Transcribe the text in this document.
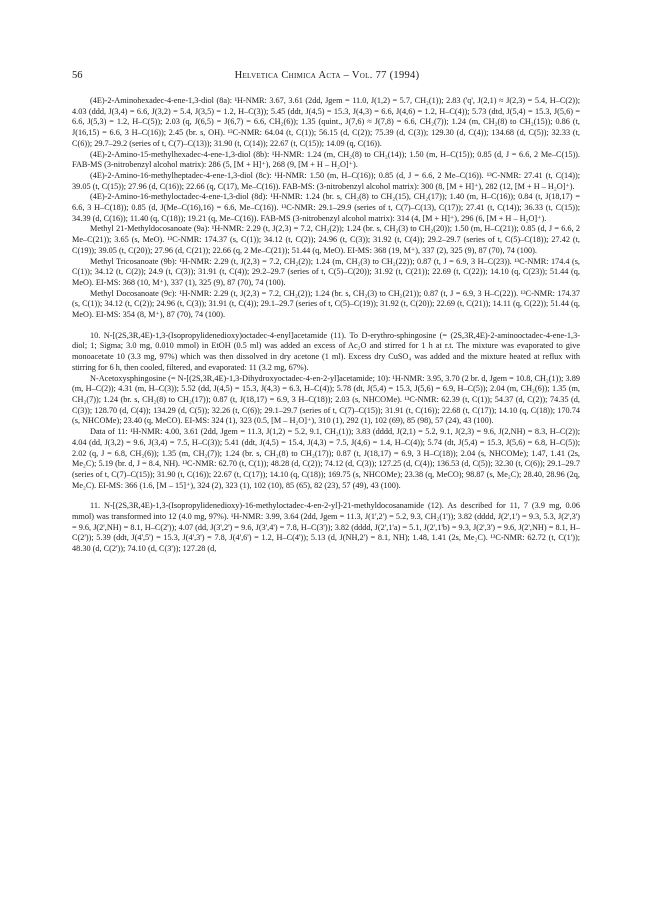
56	Helvetica Chimica Acta – Vol. 77 (1994)

(4E)-2-Aminohexadec-4-ene-1,3-diol (8a): ¹H-NMR: 3.67, 3.61 (2dd, Jgem = 11.0, J(1,2) = 5.7, CH₂(1)); 2.83 ('q', J(2,1) ≈ J(2,3) = 5.4, H–C(2)); 4.03 (ddd, J(3,4) = 6.6, J(3,2) = 5.4, J(3,5) = 1.2, H–C(3)); 5.45 (ddt, J(4,5) = 15.3, J(4,3) = 6.6, J(4,6) = 1.2, H–C(4)); 5.73 (dtd, J(5,4) = 15.3, J(5,6) = 6.6, J(5,3) = 1.2, H–C(5)); 2.03 (q, J(6,5) = J(6,7) = 6.6, CH₂(6)); 1.35 (quint., J(7,6) ≈ J(7,8) = 6.6, CH₂(7)); 1.24 (m, CH₂(8) to CH₂(15)); 0.86 (t, J(16,15) = 6.6, 3 H–C(16)); 2.45 (br. s, OH). ¹³C-NMR: 64.04 (t, C(1)); 56.15 (d, C(2)); 75.39 (d, C(3)); 129.30 (d, C(4)); 134.68 (d, C(5)); 32.33 (t, C(6)); 29.7–29.2 (series of t, C(7)–C(13)); 31.90 (t, C(14)); 22.67 (t, C(15)); 14.09 (q, C(16)).

(4E)-2-Amino-15-methylhexadec-4-ene-1,3-diol (8b): ¹H-NMR: 1.24 (m, CH₂(8) to CH₂(14)); 1.50 (m, H–C(15)); 0.85 (d, J = 6.6, 2 Me–C(15)). FAB-MS (3-nitrobenzyl alcohol matrix): 286 (5, [M + H]⁺), 268 (9, [M + H – H₂O]⁺).

(4E)-2-Amino-16-methylheptadec-4-ene-1,3-diol (8c): ¹H-NMR: 1.50 (m, H–C(16)); 0.85 (d, J = 6.6, 2 Me–C(16)). ¹³C-NMR: 27.41 (t, C(14)); 39.05 (t, C(15)); 27.96 (d, C(16)); 22.66 (q, C(17), Me–C(16)). FAB-MS: (3-nitrobenzyl alcohol matrix): 300 (8, [M + H]⁺), 282 (12, [M + H – H₂O]⁺).

(4E)-2-Amino-16-methyloctadec-4-ene-1,3-diol (8d): ¹H-NMR: 1.24 (br. s, CH₂(8) to CH₂(15), CH₂(17)); 1.40 (m, H–C(16)); 0.84 (t, J(18,17) = 6.6, 3 H–C(18)); 0.85 (d, J(Me–C(16),16) = 6.6, Me–C(16)). ¹³C-NMR: 29.1–29.9 (series of t, C(7)–C(13), C(17)); 27.41 (t, C(14)); 36.33 (t, C(15)); 34.39 (d, C(16)); 11.40 (q, C(18)); 19.21 (q, Me–C(16)). FAB-MS (3-nitrobenzyl alcohol matrix): 314 (4, [M + H]⁺), 296 (6, [M + H – H₂O]⁺).

Methyl 21-Methyldocosanoate (9a): ¹H-NMR: 2.29 (t, J(2,3) = 7.2, CH₂(2)); 1.24 (br. s, CH₂(3) to CH₂(20)); 1.50 (m, H–C(21)); 0.85 (d, J = 6.6, 2 Me–C(21)); 3.65 (s, MeO). ¹³C-NMR: 174.37 (s, C(1)); 34.12 (t, C(2)); 24.96 (t, C(3)); 31.92 (t, C(4)); 29.2–29.7 (series of t, C(5)–C(18)); 27.42 (t, C(19)); 39.05 (t, C(20)); 27.96 (d, C(21)); 22.66 (q, 2 Me–C(21)); 51.44 (q, MeO). EI-MS: 368 (19, M⁺), 337 (2), 325 (9), 87 (70), 74 (100).

Methyl Tricosanoate (9b): ¹H-NMR: 2.29 (t, J(2,3) = 7.2, CH₂(2)); 1.24 (m, CH₂(3) to CH₂(22)); 0.87 (t, J = 6.9, 3 H–C(23)). ¹³C-NMR: 174.4 (s, C(1)); 34.12 (t, C(2)); 24.9 (t, C(3)); 31.91 (t, C(4)); 29.2–29.7 (series of t, C(5)–C(20)); 31.92 (t, C(21)); 22.69 (t, C(22)); 14.10 (q, C(23)); 51.44 (q, MeO). EI-MS: 368 (10, M⁺), 337 (1), 325 (9), 87 (70), 74 (100).

Methyl Docosanoate (9c): ¹H-NMR: 2.29 (t, J(2,3) = 7.2, CH₂(2)); 1.24 (br. s, CH₂(3) to CH₂(21)); 0.87 (t, J = 6.9, 3 H–C(22)). ¹³C-NMR: 174.37 (s, C(1)); 34.12 (t, C(2)); 24.96 (t, C(3)); 31.91 (t, C(4)); 29.1–29.7 (series of t, C(5)–C(19)); 31.92 (t, C(20)); 22.69 (t, C(21)); 14.11 (q, C(22)); 51.44 (q, MeO). EI-MS: 354 (8, M⁺), 87 (70), 74 (100).

10. N-[(2S,3R,4E)-1,3-(Isopropylidenedioxy)octadec-4-enyl]acetamide (11). To D-erythro-sphingosine (= (2S,3R,4E)-2-aminooctadec-4-ene-1,3-diol; 1; Sigma; 3.0 mg, 0.010 mmol) in EtOH (0.5 ml) was added an excess of Ac₂O and stirred for 1 h at r.t. The mixture was evaporated to give monoacetate 10 (3.3 mg, 97%) which was then dissolved in dry acetone (1 ml). Excess dry CuSO₄ was added and the mixture heated at reflux with stirring for 6 h, then cooled, filtered, and evaporated: 11 (3.2 mg, 67%).

N-Acetoxysphingosine (= N-[(2S,3R,4E)-1,3-Dihydroxyoctadec-4-en-2-yl]acetamide; 10): ¹H-NMR: 3.95, 3.70 (2 br. d, Jgem = 10.8, CH₂(1)); 3.89 (m, H–C(2)); 4.31 (m, H–C(3)); 5.52 (dd, J(4,5) = 15.3, J(4,3) = 6.3, H–C(4)); 5.78 (dt, J(5,4) = 15.3, J(5,6) = 6.9, H–C(5)); 2.04 (m, CH₂(6)); 1.35 (m, CH₂(7)); 1.24 (br. s, CH₂(8) to CH₂(17)); 0.87 (t, J(18,17) = 6.9, 3 H–C(18)); 2.03 (s, NHCOMe). ¹³C-NMR: 62.39 (t, C(1)); 54.37 (d, C(2)); 74.35 (d, C(3)); 128.70 (d, C(4)); 134.29 (d, C(5)); 32.26 (t, C(6)); 29.1–29.7 (series of t, C(7)–C(15)); 31.91 (t, C(16)); 22.68 (t, C(17)); 14.10 (q, C(18)); 170.74 (s, NHCOMe); 23.40 (q, MeCO). EI-MS: 324 (1), 323 (0.5, [M – H₂O]⁺), 310 (1), 292 (1), 102 (69), 85 (98), 57 (24), 43 (100).

Data of 11: ¹H-NMR: 4.00, 3.61 (2dd, Jgem = 11.3, J(1,2) = 5.2, 9.1, CH₂(1)); 3.83 (dddd, J(2,1) = 5.2, 9.1, J(2,3) = 9.6, J(2,NH) = 8.3, H–C(2)); 4.04 (dd, J(3,2) = 9.6, J(3,4) = 7.5, H–C(3)); 5.41 (ddt, J(4,5) = 15.4, J(4,3) = 7.5, J(4,6) = 1.4, H–C(4)); 5.74 (dt, J(5,4) = 15.3, J(5,6) = 6.8, H–C(5)); 2.02 (q, J = 6.8, CH₂(6)); 1.35 (m, CH₂(7)); 1.24 (br. s, CH₂(8) to CH₂(17)); 0.87 (t, J(18,17) = 6.9, 3 H–C(18)); 2.04 (s, NHCOMe); 1.47, 1.41 (2s, Me₂C); 5.19 (br. d, J = 8.4, NH). ¹³C-NMR: 62.70 (t, C(1)); 48.28 (d, C(2)); 74.12 (d, C(3)); 127.25 (d, C(4)); 136.53 (d, C(5)); 32.30 (t, C(6)); 29.1–29.7 (series of t, C(7)–C(15)); 31.90 (t, C(16)); 22.67 (t, C(17)); 14.10 (q, C(18)); 169.75 (s, NHCOMe); 23.38 (q, MeCO); 98.87 (s, Me₂C); 28.40, 28.96 (2q, Me₂C). EI-MS: 366 (1.6, [M – 15]⁺), 324 (2), 323 (1), 102 (10), 85 (65), 82 (23), 57 (49), 43 (100).

11. N-[(2S,3R,4E)-1,3-(Isopropylidenedioxy)-16-methyloctadec-4-en-2-yl]-21-methyldocosanamide (12). As described for 11, 7 (3.9 mg, 0.06 mmol) was transformed into 12 (4.0 mg, 97%). ¹H-NMR: 3.99, 3.64 (2dd, Jgem = 11.3, J(1',2') = 5.2, 9.3, CH₂(1')); 3.82 (dddd, J(2',1') = 9.3, 5.3, J(2',3') = 9.6, J(2',NH) = 8.1, H–C(2')); 4.07 (dd, J(3',2') = 9.6, J(3',4') = 7.8, H–C(3')); 3.82 (dddd, J(2',1'a) = 5.1, J(2',1'b) = 9.3, J(2',3') = 9.6, J(2',NH) = 8.1, H–C(2')); 5.39 (ddt, J(4',5') = 15.3, J(4',3') = 7.8, J(4',6') = 1.2, H–C(4')); 5.13 (d, J(NH,2') = 8.1, NH); 1.48, 1.41 (2s, Me₂C). ¹³C-NMR: 62.72 (t, C(1')); 48.30 (d, C(2')); 74.10 (d, C(3')); 127.28 (d,
